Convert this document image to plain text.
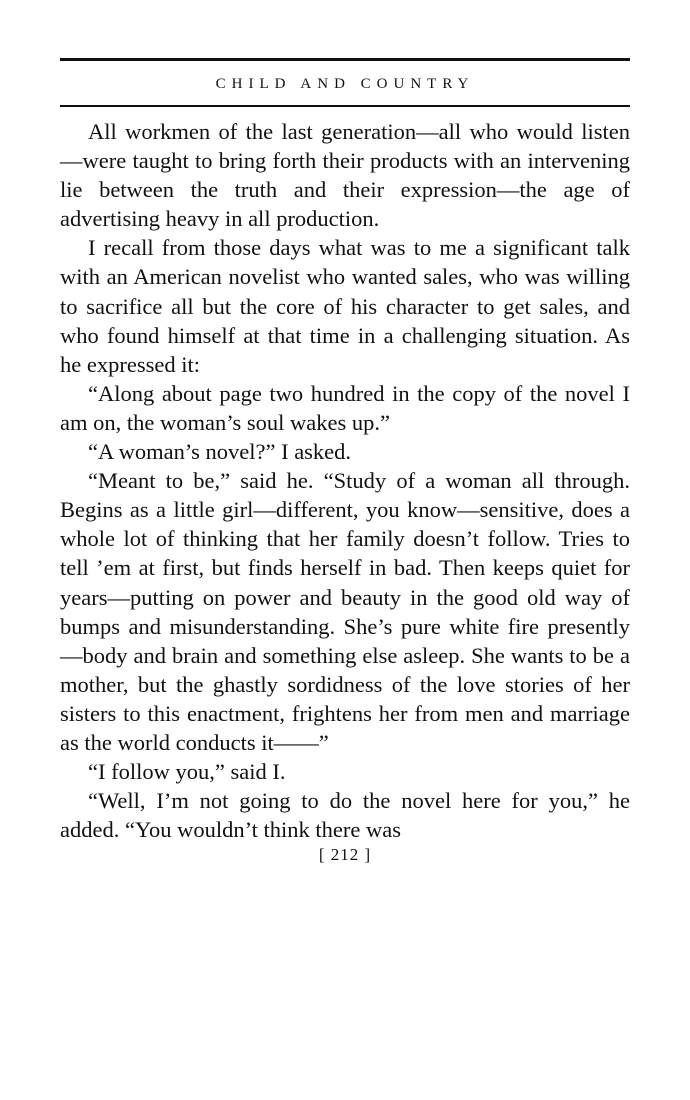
CHILD AND COUNTRY

All workmen of the last generation—all who would listen—were taught to bring forth their products with an intervening lie between the truth and their expression—the age of advertising heavy in all production.

I recall from those days what was to me a significant talk with an American novelist who wanted sales, who was willing to sacrifice all but the core of his character to get sales, and who found himself at that time in a challenging situation. As he expressed it:

“Along about page two hundred in the copy of the novel I am on, the woman’s soul wakes up.”

“A woman’s novel?” I asked.

“Meant to be,” said he. “Study of a woman all through. Begins as a little girl—different, you know—sensitive, does a whole lot of thinking that her family doesn’t follow. Tries to tell ’em at first, but finds herself in bad. Then keeps quiet for years—putting on power and beauty in the good old way of bumps and misunderstanding. She’s pure white fire presently—body and brain and something else asleep. She wants to be a mother, but the ghastly sordidness of the love stories of her sisters to this enactment, frightens her from men and marriage as the world conducts it——”

“I follow you,” said I.

“Well, I’m not going to do the novel here for you,” he added. “You wouldn’t think there was

[ 212 ]
